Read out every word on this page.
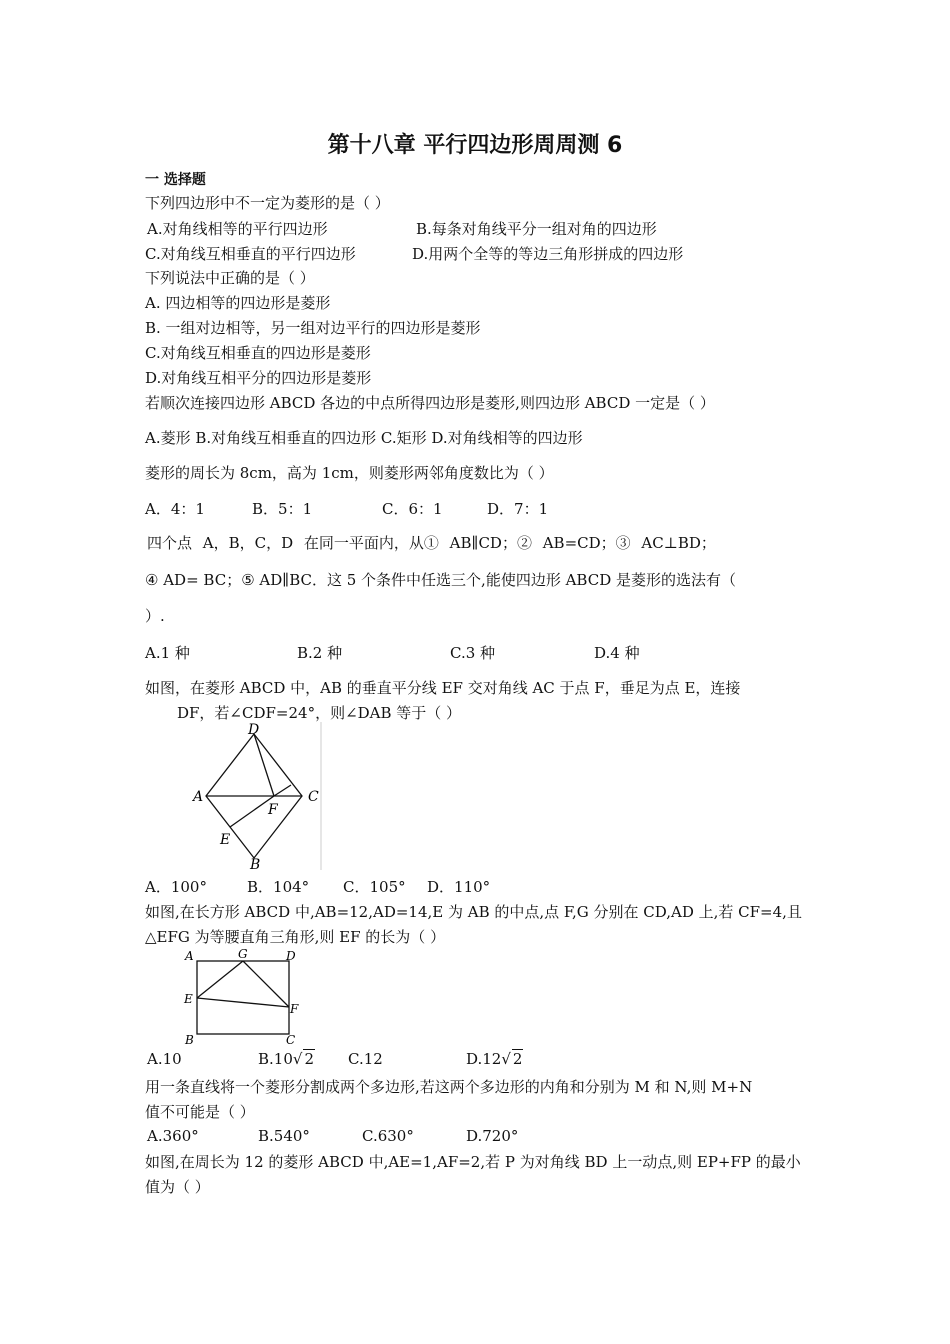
第十八章 平行四边形周周测 6
一 选择题
下列四边形中不一定为菱形的是（ ）
A.对角线相等的平行四边形	B.每条对角线平分一组对角的四边形
C.对角线互相垂直的平行四边形	D.用两个全等的等边三角形拼成的四边形
下列说法中正确的是（ ）
A. 四边相等的四边形是菱形
B. 一组对边相等，另一组对边平行的四边形是菱形
C.对角线互相垂直的四边形是菱形
D.对角线互相平分的四边形是菱形
若顺次连接四边形 ABCD 各边的中点所得四边形是菱形,则四边形 ABCD 一定是（ ）
A.菱形 B.对角线互相垂直的四边形 C.矩形 D.对角线相等的四边形
菱形的周长为 8cm，高为 1cm，则菱形两邻角度数比为（ ）
A．4：1	B．5：1	C．6：1	D．7：1
四个点 A，B，C，D 在同一平面内，从① AB∥CD；② AB=CD；③ AC⊥BD；
④ AD= BC；⑤ AD∥BC．这 5 个条件中任选三个,能使四边形 ABCD 是菱形的选法有（
）.
A.1 种	B.2 种	C.3 种	D.4 种
如图，在菱形 ABCD 中，AB 的垂直平分线 EF 交对角线 AC 于点 F，垂足为点 E，连接
DF，若∠CDF=24°，则∠DAB 等于（ ）
D
A	C
F
E
B
A．100°	B．104° C．105° D．110°
如图,在长方形 ABCD 中,AB=12,AD=14,E 为 AB 的中点,点 F,G 分别在 CD,AD 上,若 CF=4,且
△EFG 为等腰直角三角形,则 EF 的长为（ ）
A	G	D
E
F
B	C
A.10	B.10√ 2 C.12	D.12√ 2
用一条直线将一个菱形分割成两个多边形,若这两个多边形的内角和分别为 M 和 N,则 M+N
值不可能是（ ）
A.360°	B.540°	C.630°	D.720°
如图,在周长为 12 的菱形 ABCD 中,AE=1,AF=2,若 P 为对角线 BD 上一动点,则 EP+FP 的最小
值为（ ）
